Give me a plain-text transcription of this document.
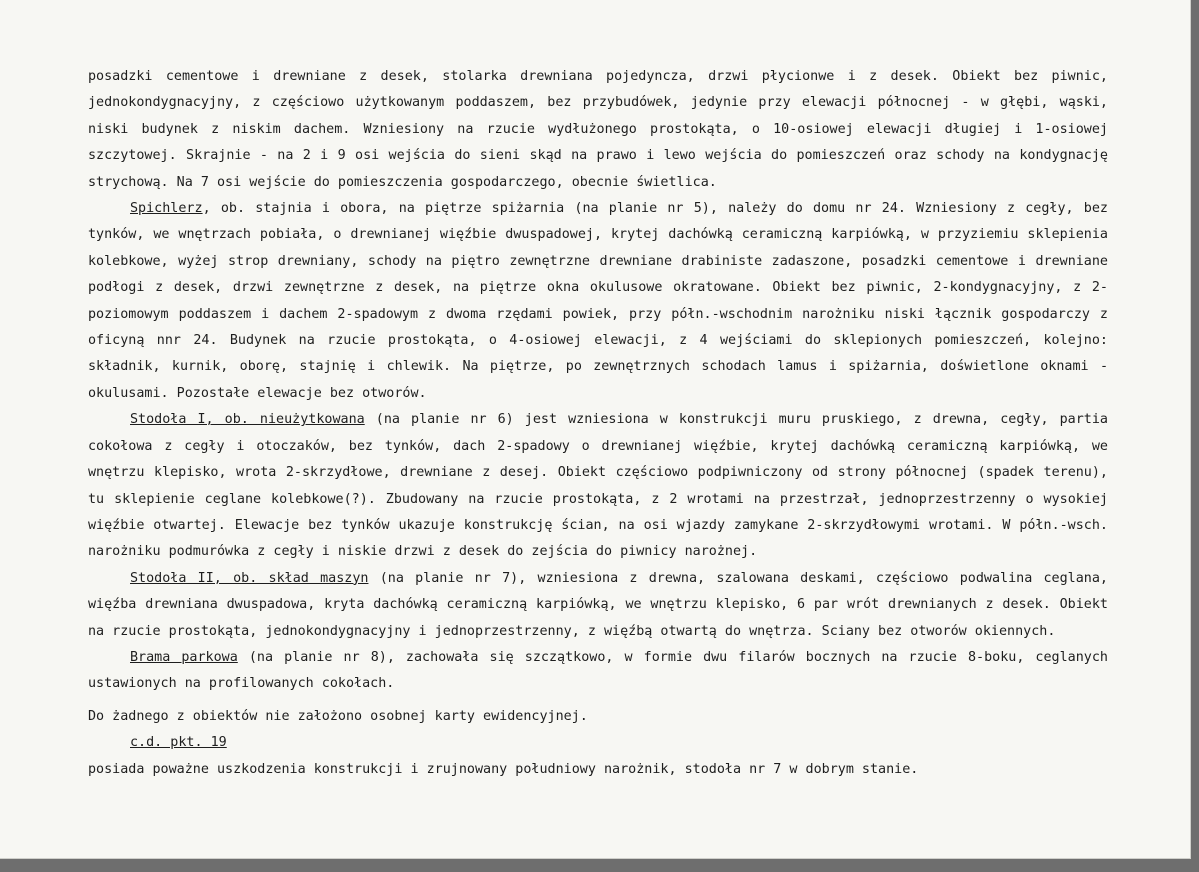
posadzki cementowe i drewniane z desek, stolarka drewniana pojedyncza, drzwi płycionwe i z desek. Obiekt bez piwnic, jednokondygnacyjny, z częściowo użytkowanym poddaszem, bez przybudówek, jedynie przy elewacji północnej - w głębi, wąski, niski budynek z niskim dachem. Wzniesiony na rzucie wydłużonego prostokąta, o 10-osiowej elewacji długiej i 1-osiowej szczytowej. Skrajnie - na 2 i 9 osi wejścia do sieni skąd na prawo i lewo wejścia do pomieszczeń oraz schody na kondygnację strychową. Na 7 osi wejście do pomieszczenia gospodarczego, obecnie świetlica.

Spichlerz, ob. stajnia i obora, na piętrze spiżarnia (na planie nr 5), należy do domu nr 24. Wzniesiony z cegły, bez tynków, we wnętrzach pobiała, o drewnianej więźbie dwuspadowej, krytej dachówką ceramiczną karpiówką, w przyziemiu sklepienia kolebkowe, wyżej strop drewniany, schody na piętro zewnętrzne drewniane drabiniste zadaszone, posadzki cementowe i drewniane podłogi z desek, drzwi zewnętrzne z desek, na piętrze okna okulusowe okratowane. Obiekt bez piwnic, 2-kondygnacyjny, z 2-poziomowym poddaszem i dachem 2-spadowym z dwoma rzędami powiek, przy półn.-wschodnim narożniku niski łącznik gospodarczy z oficyną nnr 24. Budynek na rzucie prostokąta, o 4-osiowej elewacji, z 4 wejściami do sklepionych pomieszczeń, kolejno: składnik, kurnik, oborę, stajnię i chlewik. Na piętrze, po zewnętrznych schodach lamus i spiżarnia, doświetlone oknami - okulusami. Pozostałe elewacje bez otworów.

Stodoła I, ob. nieużytkowana (na planie nr 6) jest wzniesiona w konstrukcji muru pruskiego, z drewna, cegły, partia cokołowa z cegły i otoczaków, bez tynków, dach 2-spadowy o drewnianej więźbie, krytej dachówką ceramiczną karpiówką, we wnętrzu klepisko, wrota 2-skrzydłowe, drewniane z desej. Obiekt częściowo podpiwniczony od strony północnej (spadek terenu), tu sklepienie ceglane kolebkowe(?). Zbudowany na rzucie prostokąta, z 2 wrotami na przestrzał, jednoprzestrzenny o wysokiej więźbie otwartej. Elewacje bez tynków ukazuje konstrukcję ścian, na osi wjazdy zamykane 2-skrzydłowymi wrotami. W półn.-wsch. narożniku podmurówka z cegły i niskie drzwi z desek do zejścia do piwnicy narożnej.

Stodoła II, ob. skład maszyn (na planie nr 7), wzniesiona z drewna, szalowana deskami, częściowo podwalina ceglana, więźba drewniana dwuspadowa, kryta dachówką ceramiczną karpiówką, we wnętrzu klepisko, 6 par wrót drewnianych z desek. Obiekt na rzucie prostokąta, jednokondygnacyjny i jednoprzestrzenny, z więźbą otwartą do wnętrza. Sciany bez otworów okiennych.

Brama parkowa (na planie nr 8), zachowała się szczątkowo, w formie dwu filarów bocznych na rzucie 8-boku, ceglanych ustawionych na profilowanych cokołach.

Do żadnego z obiektów nie założono osobnej karty ewidencyjnej.

c.d. pkt. 19

posiada poważne uszkodzenia konstrukcji i zrujnowany południowy narożnik, stodoła nr 7 w dobrym stanie.
